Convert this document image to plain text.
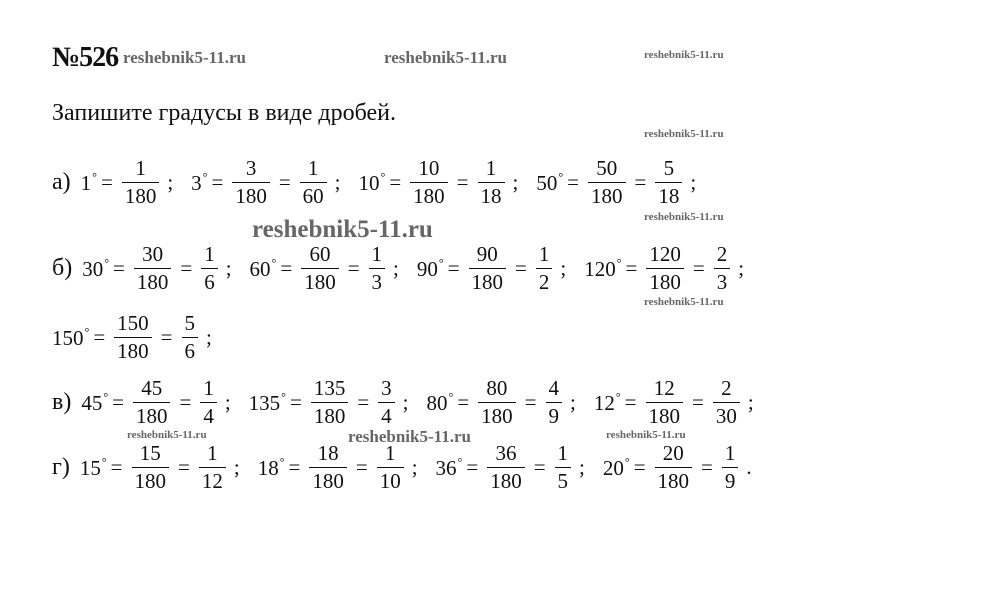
№526 reshebnik5-11.ru	reshebnik5-11.ru	reshebnik5-11.ru
Запишите градусы в виде дробей.
reshebnik5-11.ru
reshebnik5-11.ru
reshebnik5-11.ru
reshebnik5-11.ru
reshebnik5-11.ru	reshebnik5-11.ru	reshebnik5-11.ru
а) $1^\circ = \frac{1}{180}$ ; $3^\circ = \frac{3}{180} = \frac{1}{60}$ ; $10^\circ = \frac{10}{180} = \frac{1}{18}$ ; $50^\circ = \frac{50}{180} = \frac{5}{18}$ ;
б) $30^\circ = \frac{30}{180} = \frac{1}{6}$ ; $60^\circ = \frac{60}{180} = \frac{1}{3}$ ; $90^\circ = \frac{90}{180} = \frac{1}{2}$ ; $120^\circ = \frac{120}{180} = \frac{2}{3}$ ;
$150^\circ = \frac{150}{180} = \frac{5}{6}$ ;
в) $45^\circ = \frac{45}{180} = \frac{1}{4}$ ; $135^\circ = \frac{135}{180} = \frac{3}{4}$ ; $80^\circ = \frac{80}{180} = \frac{4}{9}$ ; $12^\circ = \frac{12}{180} = \frac{2}{30}$ ;
г) $15^\circ = \frac{15}{180} = \frac{1}{12}$ ; $18^\circ = \frac{18}{180} = \frac{1}{10}$ ; $36^\circ = \frac{36}{180} = \frac{1}{5}$ ; $20^\circ = \frac{20}{180} = \frac{1}{9}$ .
